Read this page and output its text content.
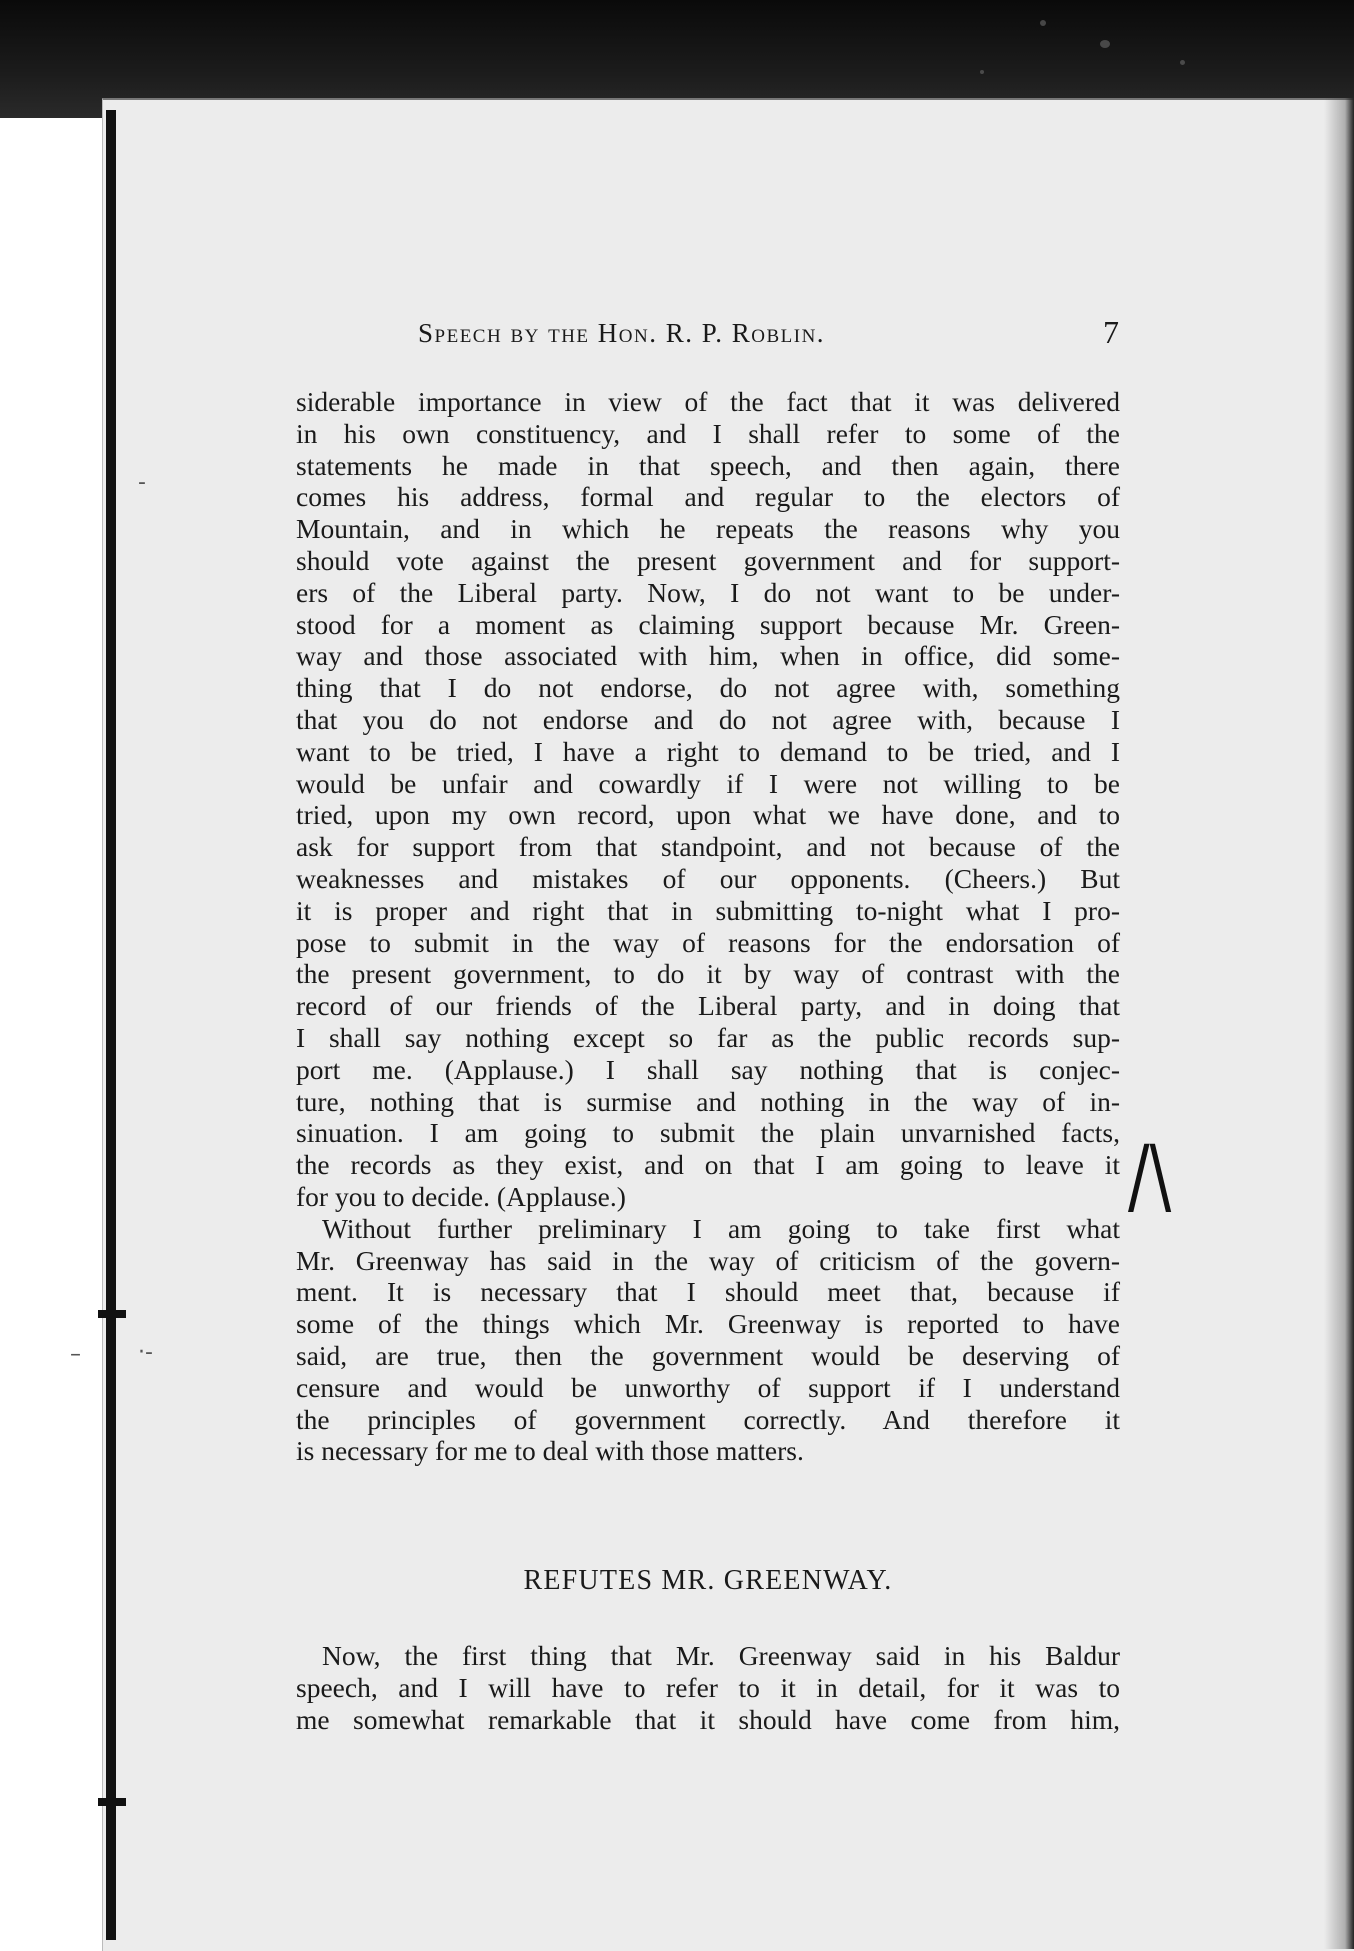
–	·-
-
Speech by the Hon. R. P. Roblin.	7
siderable importance in view of the fact that it was delivered
in his own constituency, and I shall refer to some of the
statements he made in that speech, and then again, there
comes his address, formal and regular to the electors of
Mountain, and in which he repeats the reasons why you
should vote against the present government and for support-
ers of the Liberal party. Now, I do not want to be under-
stood for a moment as claiming support because Mr. Green-
way and those associated with him, when in office, did some-
thing that I do not endorse, do not agree with, something
that you do not endorse and do not agree with, because I
want to be tried, I have a right to demand to be tried, and I
would be unfair and cowardly if I were not willing to be
tried, upon my own record, upon what we have done, and to
ask for support from that standpoint, and not because of the
weaknesses and mistakes of our opponents. (Cheers.) But
it is proper and right that in submitting to-night what I pro-
pose to submit in the way of reasons for the endorsation of
the present government, to do it by way of contrast with the
record of our friends of the Liberal party, and in doing that
I shall say nothing except so far as the public records sup-
port me. (Applause.) I shall say nothing that is conjec-
ture, nothing that is surmise and nothing in the way of in-
sinuation. I am going to submit the plain unvarnished facts,
the records as they exist, and on that I am going to leave it
for you to decide. (Applause.)
Without further preliminary I am going to take first what
Mr. Greenway has said in the way of criticism of the govern-
ment. It is necessary that I should meet that, because if
some of the things which Mr. Greenway is reported to have
said, are true, then the government would be deserving of
censure and would be unworthy of support if I understand
the principles of government correctly. And therefore it
is necessary for me to deal with those matters.
/\
REFUTES MR. GREENWAY.
Now, the first thing that Mr. Greenway said in his Baldur
speech, and I will have to refer to it in detail, for it was to
me somewhat remarkable that it should have come from him,
